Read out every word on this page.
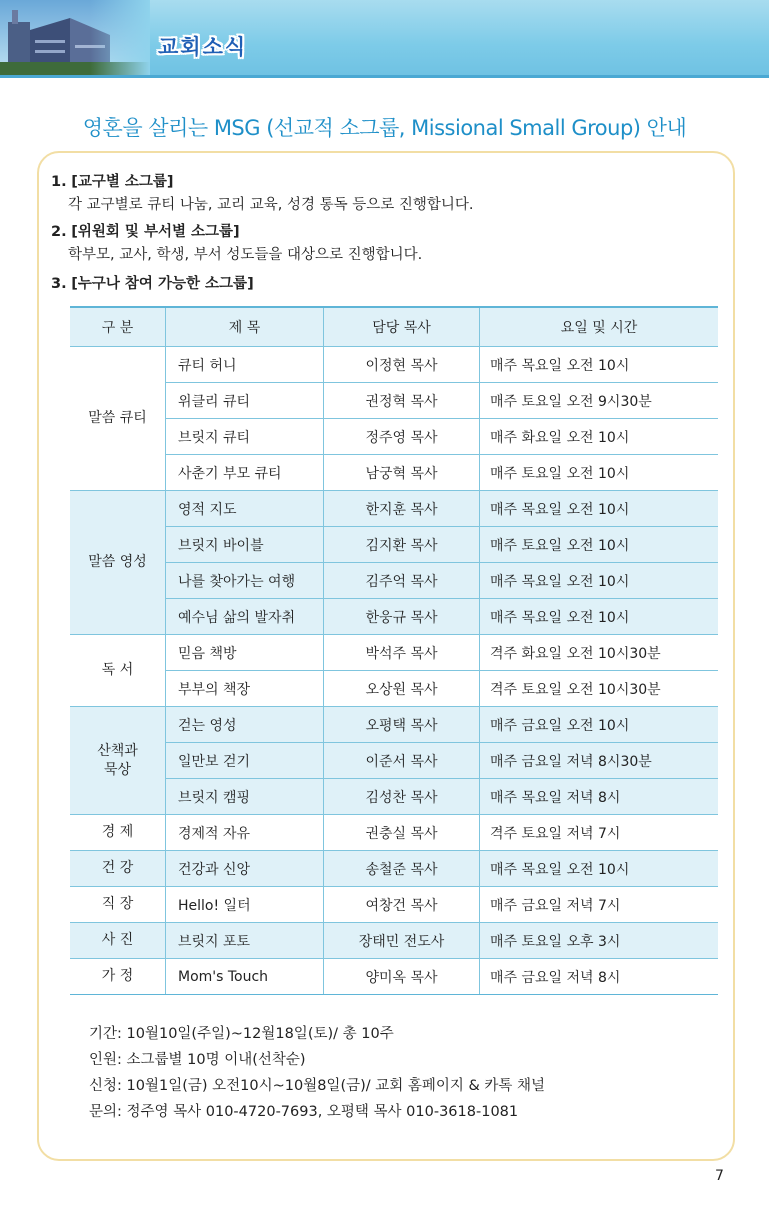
교회소식
영혼을 살리는 MSG (선교적 소그룹, Missional Small Group) 안내
1. [교구별 소그룹]
각 교구별로 큐티 나눔, 교리 교육, 성경 통독 등으로 진행합니다.
2. [위원회 및 부서별 소그룹]
학부모, 교사, 학생, 부서 성도들을 대상으로 진행합니다.
3. [누구나 참여 가능한 소그룹]
구 분	제 목	담당 목사	요일 및 시간
말씀 큐티	큐티 허니	이정현 목사	매주 목요일 오전 10시
	위클리 큐티	권정혁 목사	매주 토요일 오전 9시30분
	브릿지 큐티	정주영 목사	매주 화요일 오전 10시
	사춘기 부모 큐티	남궁혁 목사	매주 토요일 오전 10시
말씀 영성	영적 지도	한지훈 목사	매주 목요일 오전 10시
	브릿지 바이블	김지환 목사	매주 토요일 오전 10시
	나를 찾아가는 여행	김주억 목사	매주 목요일 오전 10시
	예수님 삶의 발자취	한웅규 목사	매주 목요일 오전 10시
독 서	믿음 책방	박석주 목사	격주 화요일 오전 10시30분
	부부의 책장	오상원 목사	격주 토요일 오전 10시30분
산책과
묵상	걷는 영성	오평택 목사	매주 금요일 오전 10시
	일만보 걷기	이준서 목사	매주 금요일 저녁 8시30분
	브릿지 캠핑	김성찬 목사	매주 목요일 저녁 8시
경 제	경제적 자유	권충실 목사	격주 토요일 저녁 7시
건 강	건강과 신앙	송철준 목사	매주 목요일 오전 10시
직 장	Hello! 일터	여창건 목사	매주 금요일 저녁 7시
사 진	브릿지 포토	장태민 전도사	매주 토요일 오후 3시
가 정	Mom's Touch	양미옥 목사	매주 금요일 저녁 8시
기간: 10월10일(주일)~12월18일(토)/ 총 10주
인원: 소그룹별 10명 이내(선착순)
신청: 10월1일(금) 오전10시~10월8일(금)/ 교회 홈페이지 & 카톡 채널
문의: 정주영 목사 010-4720-7693, 오평택 목사 010-3618-1081
7
